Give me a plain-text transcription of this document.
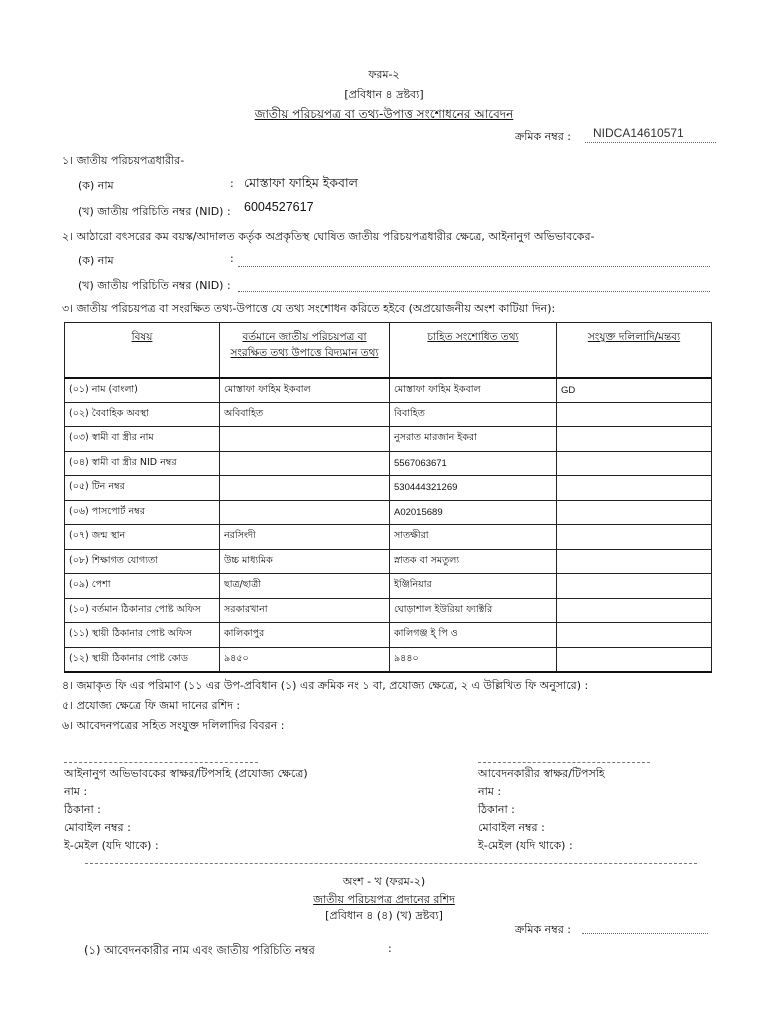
ফরম-২
[প্রবিধান ৪ দ্রষ্টব্য]
জাতীয় পরিচয়পত্র বা তথ্য-উপাত্ত সংশোধনের আবেদন
ক্রমিক নম্বর :	NIDCA14610571
১। জাতীয় পরিচয়পত্রধারীর-
(ক) নাম	: মোস্তাফা ফাহিম ইকবাল
(খ) জাতীয় পরিচিতি নম্বর (NID) : 6004527617
২। আঠারো বৎসরের কম বয়স্ক/আদালত কর্তৃক অপ্রকৃতিস্থ ঘোষিত জাতীয় পরিচয়পত্রধারীর ক্ষেত্রে, আইনানুগ অভিভাবকের-
(ক) নাম	:
(খ) জাতীয় পরিচিতি নম্বর (NID) :
৩। জাতীয় পরিচয়পত্র বা সংরক্ষিত তথ্য-উপাত্তে যে তথ্য সংশোধন করিতে হইবে (অপ্রয়োজনীয় অংশ কাটিয়া দিন):
বিষয়	বর্তমানে জাতীয় পরিচয়পত্র বা সংরক্ষিত তথ্য উপাত্তে বিদ্যমান তথ্য	চাহিত সংশোধিত তথ্য	সংযুক্ত দলিলাদি/মন্তব্য
(০১) নাম (বাংলা)	মোস্তাফা ফাহিম ইকবাল	মোস্তাফা ফাহিম ইকবাল	GD
(০২) বৈবাহিক অবস্থা	অবিবাহিত	বিবাহিত	
(০৩) স্বামী বা স্ত্রীর নাম		নুসরাত মারজান ইকরা	
(০৪) স্বামী বা স্ত্রীর NID নম্বর		5567063671	
(০৫) টিন নম্বর		530444321269	
(০৬) পাসপোর্ট নম্বর		A02015689	
(০৭) জন্ম স্থান	নরসিংদী	সাতক্ষীরা	
(০৮) শিক্ষাগত যোগ্যতা	উচ্চ মাধ্যমিক	স্নাতক বা সমতুল্য	
(০৯) পেশা	ছাত্র/ছাত্রী	ইঞ্জিনিয়ার	
(১০) বর্তমান ঠিকানার পোষ্ট অফিস	সরকারখানা	ঘোড়াশাল ইউরিয়া ফ্যাক্টরি	
(১১) স্থায়ী ঠিকানার পোষ্ট অফিস	কালিকাপুর	কালিগঞ্জ ই্ পি ও	
(১২) স্থায়ী ঠিকানার পোষ্ট কোড	৯৪৫০	৯৪৪০	
৪। জমাকৃত ফি এর পরিমাণ (১১ এর উপ-প্রবিধান (১) এর ক্রমিক নং ১ বা, প্রযোজ্য ক্ষেত্রে, ২ এ উল্লিখিত ফি অনুসারে) :
৫। প্রযোজ্য ক্ষেত্রে ফি জমা দানের রশিদ :
৬। আবেদনপত্রের সহিত সংযুক্ত দলিলাদির বিবরন :
আইনানুগ অভিভাবকের স্বাক্ষর/টিপসহি (প্রযোজ্য ক্ষেত্রে)
নাম :
ঠিকানা :
মোবাইল নম্বর :
ই-মেইল (যদি থাকে) :
আবেদনকারীর স্বাক্ষর/টিপসহি
নাম :
ঠিকানা :
মোবাইল নম্বর :
ই-মেইল (যদি থাকে) :
অংশ - খ (ফরম-২)
জাতীয় পরিচয়পত্র প্রদানের রশিদ
[প্রবিধান ৪ (৪) (খ) দ্রষ্টব্য]
ক্রমিক নম্বর :
(১) আবেদনকারীর নাম এবং জাতীয় পরিচিতি নম্বর	:
